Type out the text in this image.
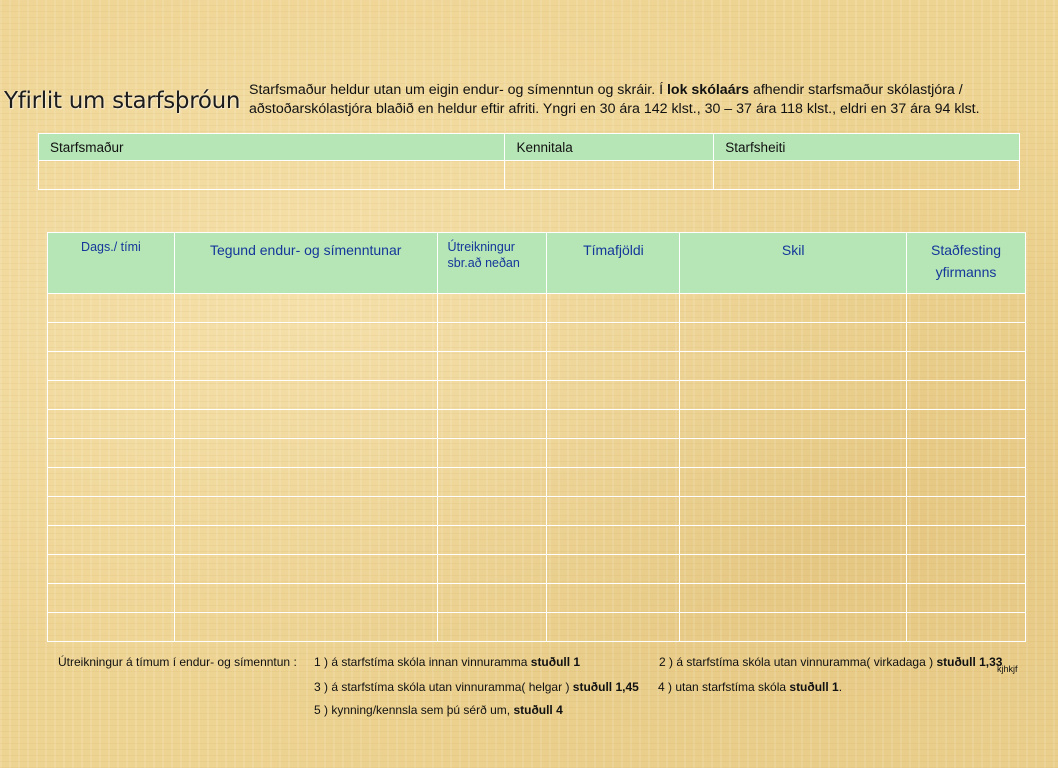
Yfirlit um starfsþróun Starfsmaður heldur utan um eigin endur- og símenntun og skráir. Í lok skólaárs afhendir starfsmaður skólastjóra /
aðstoðarskólastjóra blaðið en heldur eftir afriti. Yngri en 30 ára 142 klst., 30 – 37 ára 118 klst., eldri en 37 ára 94 klst.
Starfsmaður	Kennitala	Starfsheiti

Dags./ tími	Tegund endur- og símenntunar	Útreikningur sbr.að neðan	Tímafjöldi	Skil	Staðfesting yfirmanns

Útreikningur á tímum í endur- og símenntun : 1 ) á starfstíma skóla innan vinnuramma stuðull 1	2 ) á starfstíma skóla utan vinnuramma( virkadaga ) stuðull 1,33
kjhkjf
3 ) á starfstíma skóla utan vinnuramma( helgar ) stuðull 1,45 4 ) utan starfstíma skóla stuðull 1.
5 ) kynning/kennsla sem þú sérð um, stuðull 4
